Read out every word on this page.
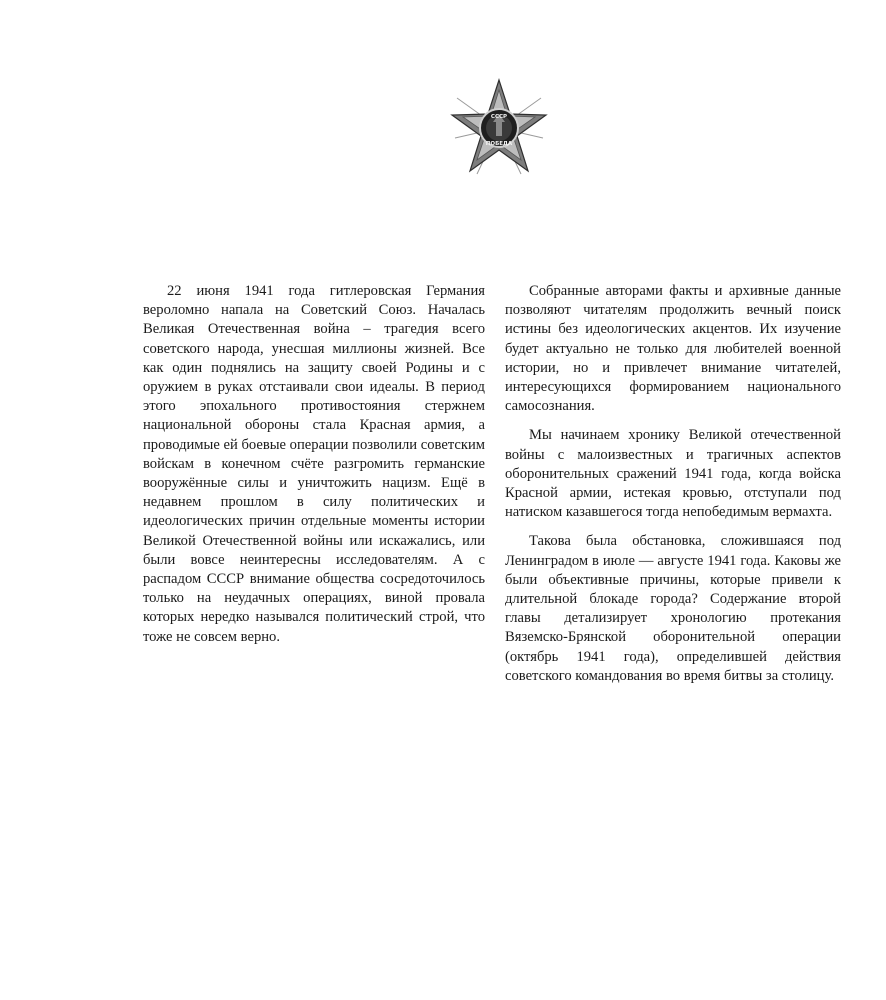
СССР
ПОБЕДА

22 июня 1941 года гитлеровская Германия вероломно напала на Советский Союз. Началась Великая Отечественная война – трагедия всего советского народа, унесшая миллионы жизней. Все как один поднялись на защиту своей Родины и с оружием в руках отстаивали свои идеалы. В период этого эпохального противостояния стержнем национальной обороны стала Красная армия, а проводимые ей боевые операции позволили советским войскам в конечном счёте разгромить германские вооружённые силы и уничтожить нацизм. Ещё в недавнем прошлом в силу политических и идеологических причин отдельные моменты истории Великой Отечественной войны или искажались, или были вовсе неинтересны исследователям. А с распадом СССР внимание общества сосредоточилось только на неудачных операциях, виной провала которых нередко назывался политический строй, что тоже не совсем верно.

Собранные авторами факты и архивные данные позволяют читателям продолжить вечный поиск истины без идеологических акцентов. Их изучение будет актуально не только для любителей военной истории, но и привлечет внимание читателей, интересующихся формированием национального самосознания.

Мы начинаем хронику Великой отечественной войны с малоизвестных и трагичных аспектов оборонительных сражений 1941 года, когда войска Красной армии, истекая кровью, отступали под натиском казавшегося тогда непобедимым вермахта.

Такова была обстановка, сложившаяся под Ленинградом в июле — августе 1941 года. Каковы же были объективные причины, которые привели к длительной блокаде города? Содержание второй главы детализирует хронологию протекания Вяземско-Брянской оборонительной операции (октябрь 1941 года), определившей действия советского командования во время битвы за столицу.
